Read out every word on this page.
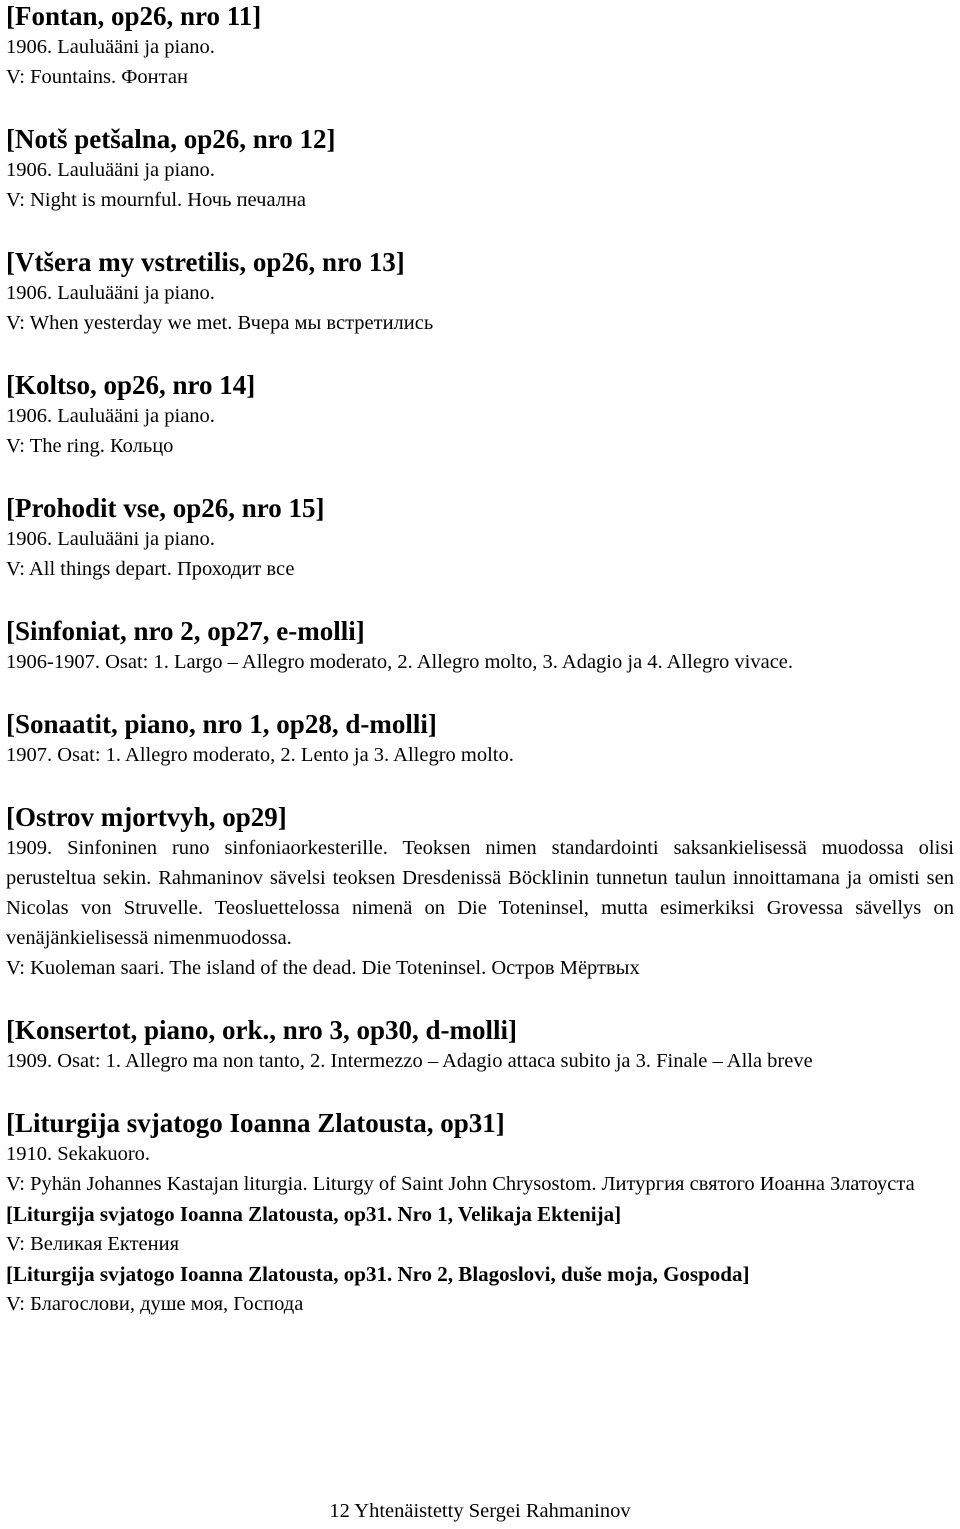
[Fontan, op26, nro 11]
1906. Lauluääni ja piano.
V: Fountains. Фонтан
[Notš petšalna, op26, nro 12]
1906. Lauluääni ja piano.
V: Night is mournful. Ночь печална
[Vtšera my vstretilis, op26, nro 13]
1906. Lauluääni ja piano.
V: When yesterday we met. Вчера мы встретились
[Koltso, op26, nro 14]
1906. Lauluääni ja piano.
V: The ring. Кольцо
[Prohodit vse, op26, nro 15]
1906. Lauluääni ja piano.
V: All things depart. Проходит все
[Sinfoniat, nro 2, op27, e-molli]
1906-1907. Osat: 1. Largo – Allegro moderato, 2. Allegro molto, 3. Adagio ja 4. Allegro vivace.
[Sonaatit, piano, nro 1, op28, d-molli]
1907. Osat: 1. Allegro moderato, 2. Lento ja 3. Allegro molto.
[Ostrov mjortvyh, op29]
1909. Sinfoninen runo sinfoniaorkesterille. Teoksen nimen standardointi saksankielisessä muodossa olisi perusteltua sekin. Rahmaninov sävelsi teoksen Dresdenissä Böcklinin tunnetun taulun innoittamana ja omisti sen Nicolas von Struvelle. Teosluettelossa nimenä on Die Toteninsel, mutta esimerkiksi Grovessa sävellys on venäjänkielisessä nimenmuodossa.
V: Kuoleman saari. The island of the dead. Die Toteninsel. Остров Мёртвых
[Konsertot, piano, ork., nro 3, op30, d-molli]
1909. Osat: 1. Allegro ma non tanto, 2. Intermezzo – Adagio attaca subito ja 3. Finale – Alla breve
[Liturgija svjatogo Ioanna Zlatousta, op31]
1910. Sekakuoro.
V: Pyhän Johannes Kastajan liturgia. Liturgy of Saint John Chrysostom. Литургия святого Иоанна Златоуста
[Liturgija svjatogo Ioanna Zlatousta, op31. Nro 1, Velikaja Ektenija]
V: Великая Ектения
[Liturgija svjatogo Ioanna Zlatousta, op31. Nro 2, Blagoslovi, duše moja, Gospoda]
V: Благослови, душе моя, Господа
12 Yhtenäistetty Sergei Rahmaninov
